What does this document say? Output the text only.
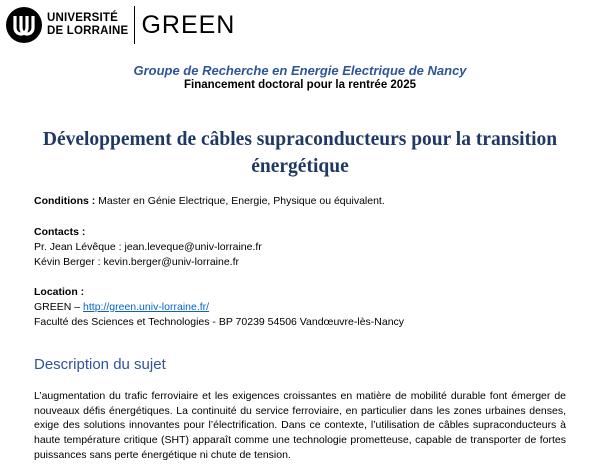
UNIVERSITÉ
DE LORRAINE GREEN
Groupe de Recherche en Energie Electrique de Nancy
Financement doctoral pour la rentrée 2025
Développement de câbles supraconducteurs pour la transition énergétique
Conditions : Master en Génie Electrique, Energie, Physique ou équivalent.
Contacts :
Pr. Jean Lévêque : jean.leveque@univ-lorraine.fr
Kévin Berger : kevin.berger@univ-lorraine.fr
Location :
GREEN – http://green.univ-lorraine.fr/
Faculté des Sciences et Technologies - BP 70239 54506 Vandœuvre-lès-Nancy
Description du sujet
L’augmentation du trafic ferroviaire et les exigences croissantes en matière de mobilité durable font émerger de nouveaux défis énergétiques. La continuité du service ferroviaire, en particulier dans les zones urbaines denses, exige des solutions innovantes pour l’électrification. Dans ce contexte, l’utilisation de câbles supraconducteurs à haute température critique (SHT) apparaît comme une technologie prometteuse, capable de transporter de fortes puissances sans perte énergétique ni chute de tension.
